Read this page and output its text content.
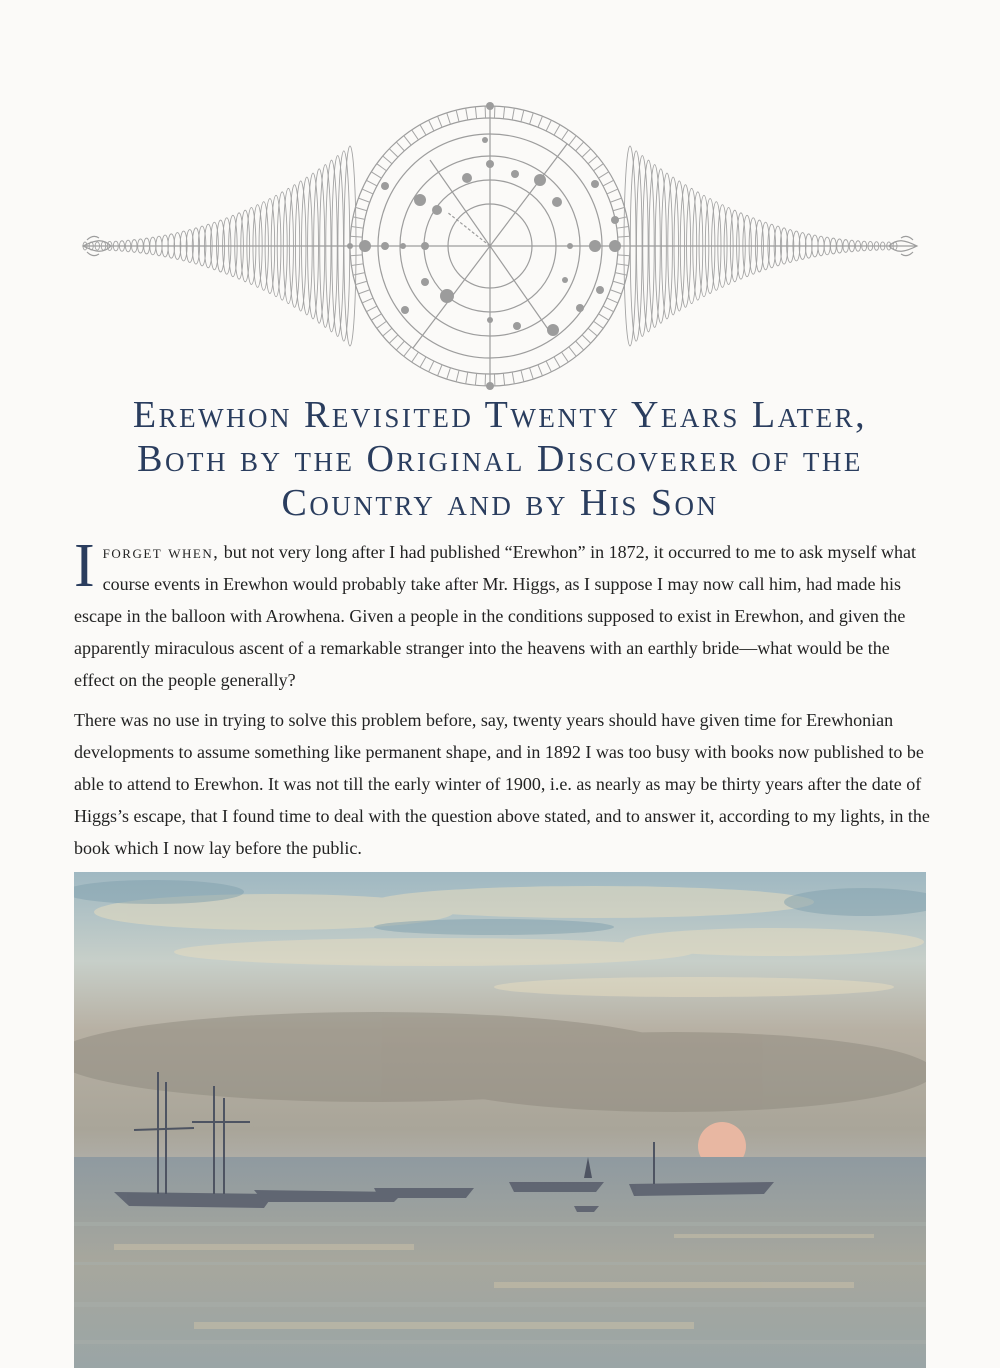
Erewhon Revisited Twenty Years Later,
Both by the Original Discoverer of the
Country and by His Son

Iforget when, but not very long after I had published “Erewhon” in 1872, it occurred to me to ask myself what course events in Erewhon would probably take after Mr. Higgs, as I suppose I may now call him, had made his escape in the balloon with Arowhena. Given a people in the conditions supposed to exist in Erewhon, and given the apparently miraculous ascent of a remarkable stranger into the heavens with an earthly bride—what would be the effect on the people generally?

There was no use in trying to solve this problem before, say, twenty years should have given time for Erewhonian developments to assume something like permanent shape, and in 1892 I was too busy with books now published to be able to attend to Erewhon. It was not till the early winter of 1900, i.e. as nearly as may be thirty years after the date of Higgs’s escape, that I found time to deal with the question above stated, and to answer it, according to my lights, in the book which I now lay before the public.
